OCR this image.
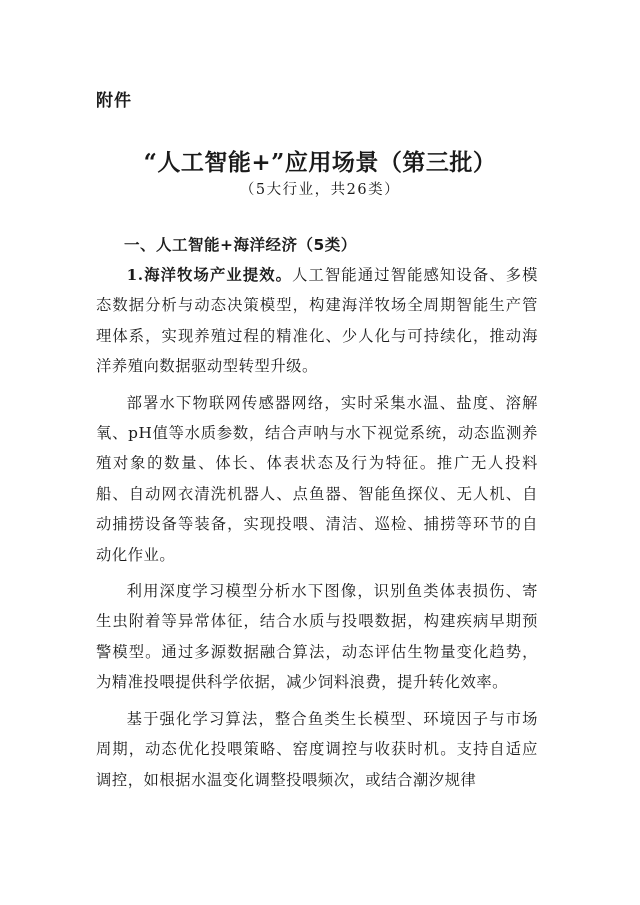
附件
“人工智能+”应用场景（第三批）
（5大行业，共26类）
一、人工智能+海洋经济（5类）

1.海洋牧场产业提效。人工智能通过智能感知设备、多模态数据分析与动态决策模型，构建海洋牧场全周期智能生产管理体系，实现养殖过程的精准化、少人化与可持续化，推动海洋养殖向数据驱动型转型升级。

部署水下物联网传感器网络，实时采集水温、盐度、溶解氧、pH值等水质参数，结合声呐与水下视觉系统，动态监测养殖对象的数量、体长、体表状态及行为特征。推广无人投料船、自动网衣清洗机器人、点鱼器、智能鱼探仪、无人机、自动捕捞设备等装备，实现投喂、清洁、巡检、捕捞等环节的自动化作业。

利用深度学习模型分析水下图像，识别鱼类体表损伤、寄生虫附着等异常体征，结合水质与投喂数据，构建疾病早期预警模型。通过多源数据融合算法，动态评估生物量变化趋势，为精准投喂提供科学依据，减少饲料浪费，提升转化效率。

基于强化学习算法，整合鱼类生长模型、环境因子与市场周期，动态优化投喂策略、窑度调控与收获时机。支持自适应调控，如根据水温变化调整投喂频次，或结合潮汐规律
